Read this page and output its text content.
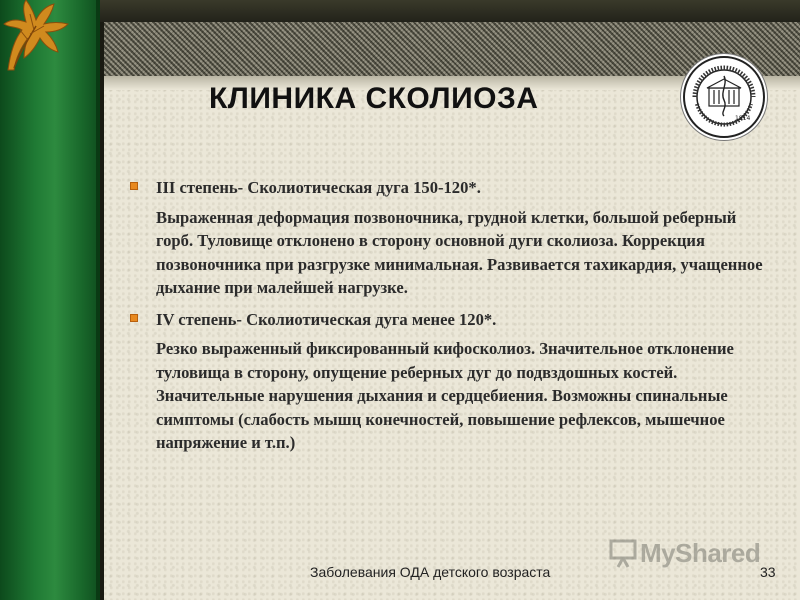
КЛИНИКА СКОЛИОЗА
1814
III степень- Сколиотическая дуга 150-120*.
Выраженная деформация позвоночника, грудной клетки, большой реберный горб. Туловище отклонено в сторону основной дуги сколиоза. Коррекция позвоночника при разгрузке минимальная. Развивается тахикардия, учащенное дыхание при малейшей нагрузке.
IV степень- Сколиотическая дуга менее 120*.
Резко выраженный фиксированный кифосколиоз. Значительное отклонение туловища в сторону, опущение реберных дуг до подвздошных костей. Значительные нарушения дыхания и сердцебиения. Возможны спинальные симптомы (слабость мышц конечностей, повышение рефлексов, мышечное напряжение и т.п.)
MyShared
Заболевания ОДА детского возраста	33
